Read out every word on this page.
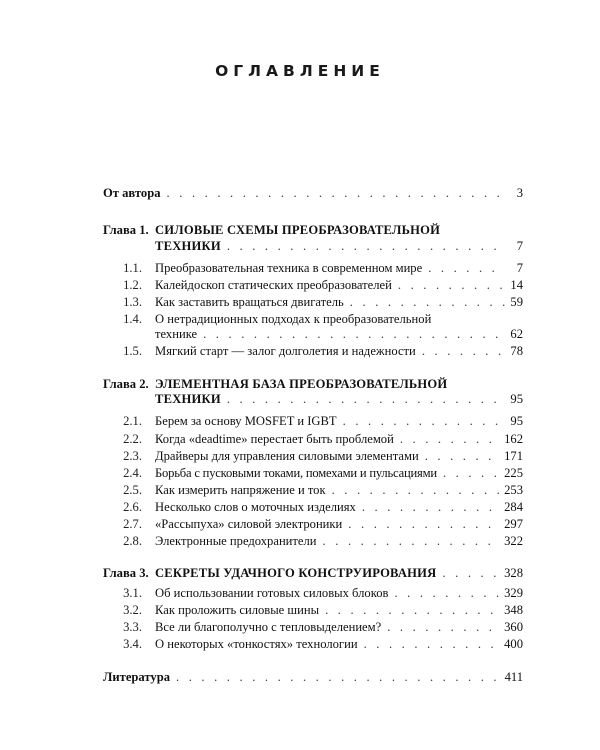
ОГЛАВЛЕНИЕ
От автора . . .	3
Глава 1. СИЛОВЫЕ СХЕМЫ ПРЕОБРАЗОВАТЕЛЬНОЙ
ТЕХНИКИ . . .	7
1.1. Преобразовательная техника в современном мире . . .	7
1.2. Калейдоскоп статических преобразователей . . .	14
1.3. Как заставить вращаться двигатель . . .	59
1.4. О нетрадиционных подходах к преобразовательной
технике . . .	62
1.5. Мягкий старт — залог долголетия и надежности . . .	78
Глава 2. ЭЛЕМЕНТНАЯ БАЗА ПРЕОБРАЗОВАТЕЛЬНОЙ
ТЕХНИКИ . . .	95
2.1. Берем за основу MOSFET и IGBT . . .	95
2.2. Когда «deadtime» перестает быть проблемой . . .	162
2.3. Драйверы для управления силовыми элементами . . .	171
2.4. Борьба с пусковыми токами, помехами и пульсациями . . .	225
2.5. Как измерить напряжение и ток . . .	253
2.6. Несколько слов о моточных изделиях . . .	284
2.7. «Рассыпуха» силовой электроники . . .	297
2.8. Электронные предохранители . . .	322
Глава 3. СЕКРЕТЫ УДАЧНОГО КОНСТРУИРОВАНИЯ . . .	328
3.1. Об использовании готовых силовых блоков . . .	329
3.2. Как проложить силовые шины . . .	348
3.3. Все ли благополучно с тепловыделением? . . .	360
3.4. О некоторых «тонкостях» технологии . . .	400
Литература . . .	411
